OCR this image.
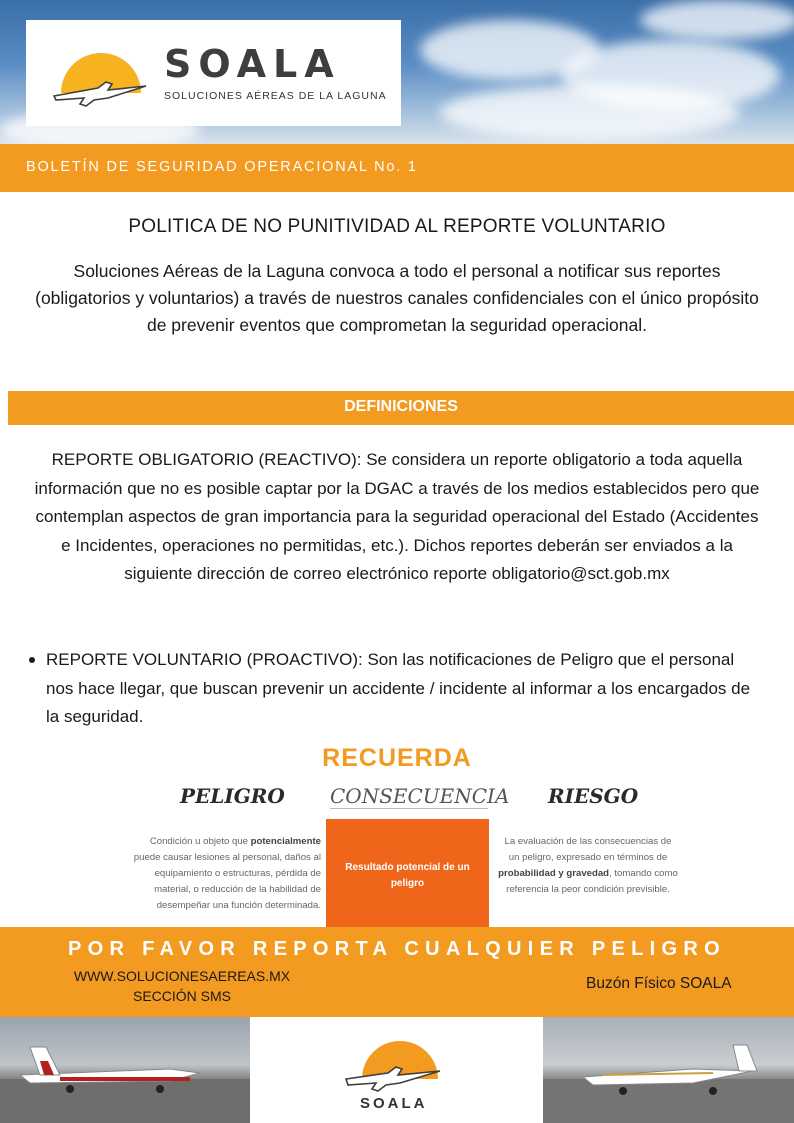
SOALA
SOLUCIONES AÉREAS DE LA LAGUNA
BOLETÍN DE SEGURIDAD OPERACIONAL No. 1
POLITICA DE NO PUNITIVIDAD AL REPORTE VOLUNTARIO
Soluciones Aéreas de la Laguna convoca a todo el personal a notificar sus reportes (obligatorios y voluntarios) a través de nuestros canales confidenciales con el único propósito de prevenir eventos que comprometan la seguridad operacional.
DEFINICIONES
REPORTE OBLIGATORIO (REACTIVO): Se considera un reporte obligatorio a toda aquella información que no es posible captar por la DGAC a través de los medios establecidos pero que contemplan aspectos de gran importancia para la seguridad operacional del Estado (Accidentes e Incidentes, operaciones no permitidas, etc.). Dichos reportes deberán ser enviados a la siguiente dirección de correo electrónico reporte obligatorio@sct.gob.mx
REPORTE VOLUNTARIO (PROACTIVO): Son las notificaciones de Peligro que el personal nos hace llegar, que buscan prevenir un accidente / incidente al informar a los encargados de la seguridad.
RECUERDA
PELIGRO CONSECUENCIA RIESGO
Condición u objeto que potencialmente puede causar lesiones al personal, daños al equipamiento o estructuras, pérdida de material, o reducción de la habilidad de desempeñar una función determinada.
Resultado potencial de un peligro
La evaluación de las consecuencias de un peligro, expresado en términos de probabilidad y gravedad, tomando como referencia la peor condición previsible.
POR FAVOR REPORTA CUALQUIER PELIGRO
WWW.SOLUCIONESAEREAS.MX
SECCIÓN SMS
Buzón Físico SOALA
SOALA
